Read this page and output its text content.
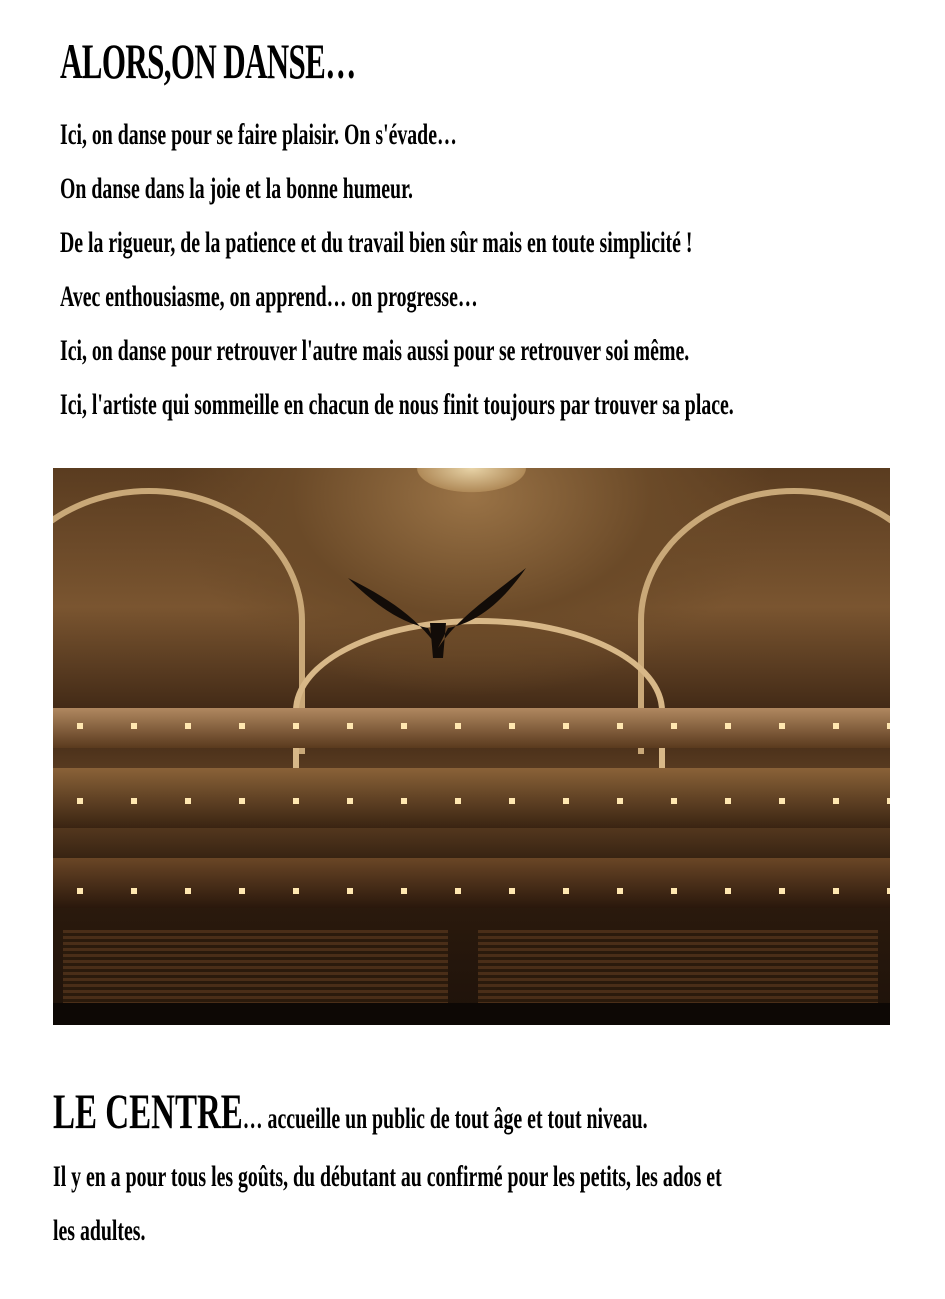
ALORS,ON DANSE…
Ici, on danse pour se faire plaisir. On s'évade…
On danse dans la joie et la bonne humeur.
De la rigueur, de la patience et du travail bien sûr mais en toute simplicité !
Avec enthousiasme, on apprend… on progresse…
Ici, on danse pour retrouver l'autre mais aussi pour se retrouver soi même.
Ici, l'artiste qui sommeille en chacun de nous finit toujours par trouver sa place.
LE CENTRE… accueille un public de tout âge et tout niveau.
Il y en a pour tous les goûts, du débutant au confirmé pour les petits, les ados et
les adultes.
